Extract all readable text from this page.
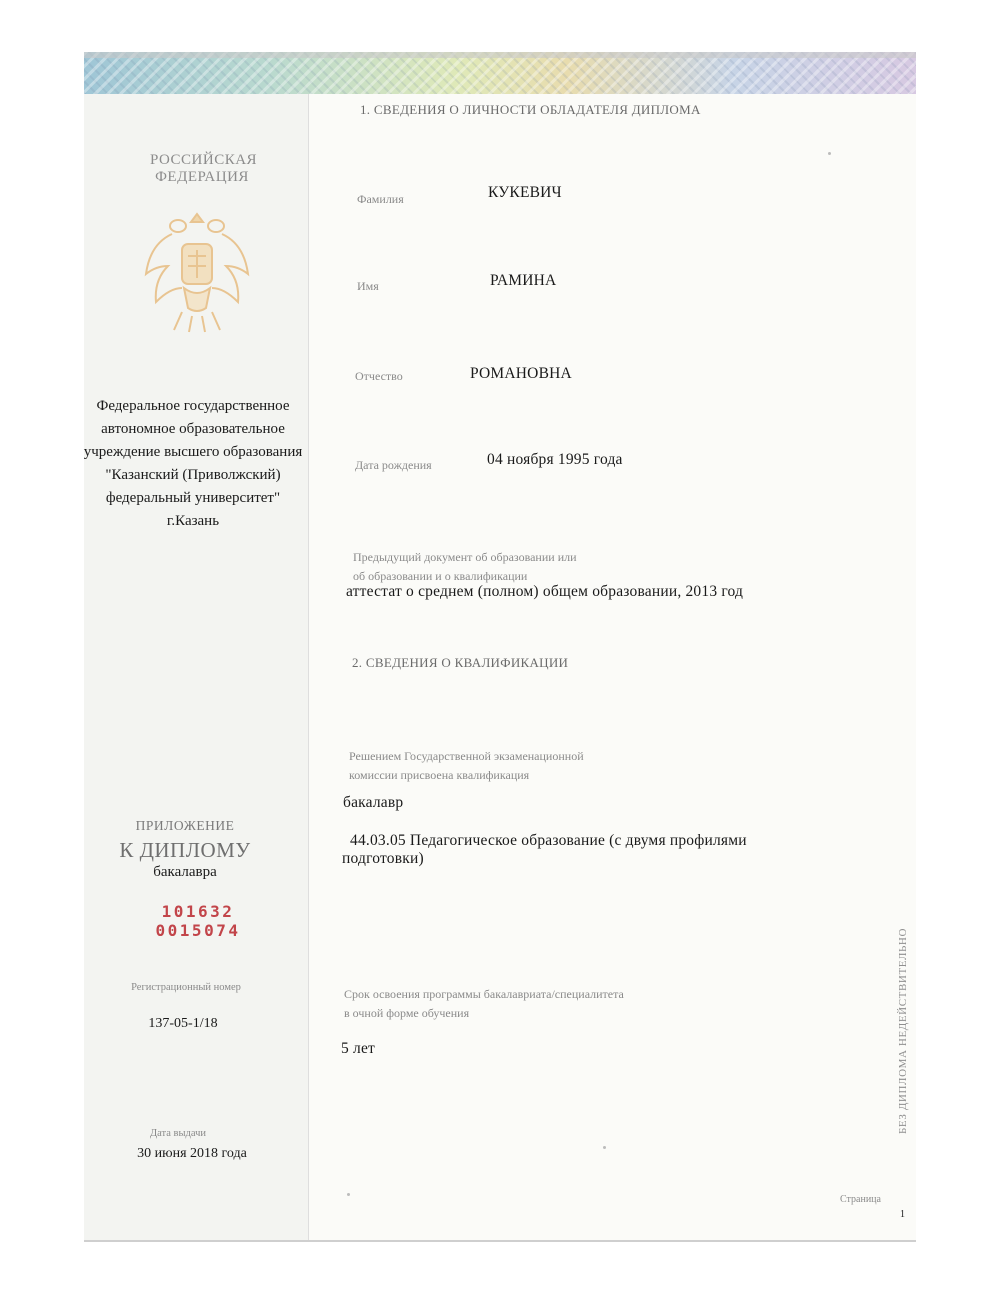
РОССИЙСКАЯ ФЕДЕРАЦИЯ
Федеральное государственное автономное образовательное учреждение высшего образования "Казанский (Приволжский) федеральный университет" г.Казань
ПРИЛОЖЕНИЕ
К ДИПЛОМУ
бакалавра
101632 0015074
Регистрационный номер
137-05-1/18
Дата выдачи
30 июня 2018 года
1. СВЕДЕНИЯ О ЛИЧНОСТИ ОБЛАДАТЕЛЯ ДИПЛОМА
Фамилия	КУКЕВИЧ
Имя	РАМИНА
Отчество	РОМАНОВНА
Дата рождения	04 ноября 1995 года
Предыдущий документ об образовании или
об образовании и о квалификации
аттестат о среднем (полном) общем образовании, 2013 год
2. СВЕДЕНИЯ О КВАЛИФИКАЦИИ
Решением Государственной экзаменационной
комиссии присвоена квалификация
бакалавр
44.03.05 Педагогическое образование (с двумя профилями
подготовки)
Срок освоения программы бакалавриата/специалитета
в очной форме обучения
5 лет	БЕЗ ДИПЛОМА НЕДЕЙСТВИТЕЛЬНО
Страница
1
